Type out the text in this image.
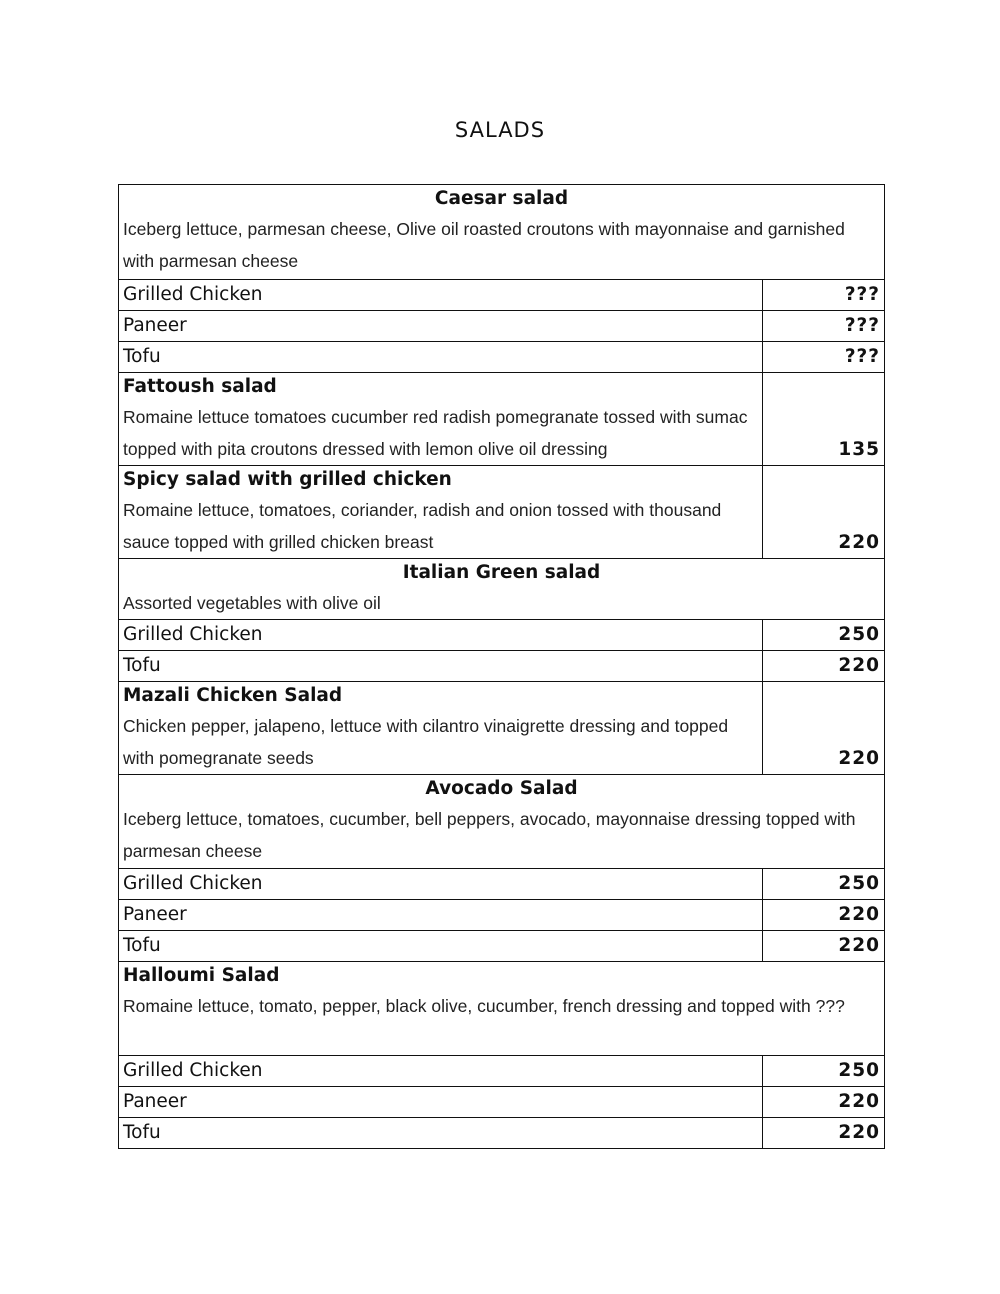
SALADS
Caesar salad
Iceberg lettuce, parmesan cheese, Olive oil roasted croutons with mayonnaise and garnished with parmesan cheese	

Grilled Chicken	???

Paneer	???

Tofu	???

Fattoush salad
Romaine lettuce tomatoes cucumber red radish pomegranate tossed with sumac topped with pita croutons dressed with lemon olive oil dressing	135

Spicy salad with grilled chicken
Romaine lettuce, tomatoes, coriander, radish and onion tossed with thousand sauce topped with grilled chicken breast	220

Italian Green salad
Assorted vegetables with olive oil	

Grilled Chicken	250

Tofu	220

Mazali Chicken Salad
Chicken pepper, jalapeno, lettuce with cilantro vinaigrette dressing and topped with pomegranate seeds	220

Avocado Salad
Iceberg lettuce, tomatoes, cucumber, bell peppers, avocado, mayonnaise dressing topped with parmesan cheese	

Grilled Chicken	250

Paneer	220

Tofu	220

Halloumi Salad
Romaine lettuce, tomato, pepper, black olive, cucumber, french dressing and topped with ???	

Grilled Chicken	250

Paneer	220

Tofu	220
